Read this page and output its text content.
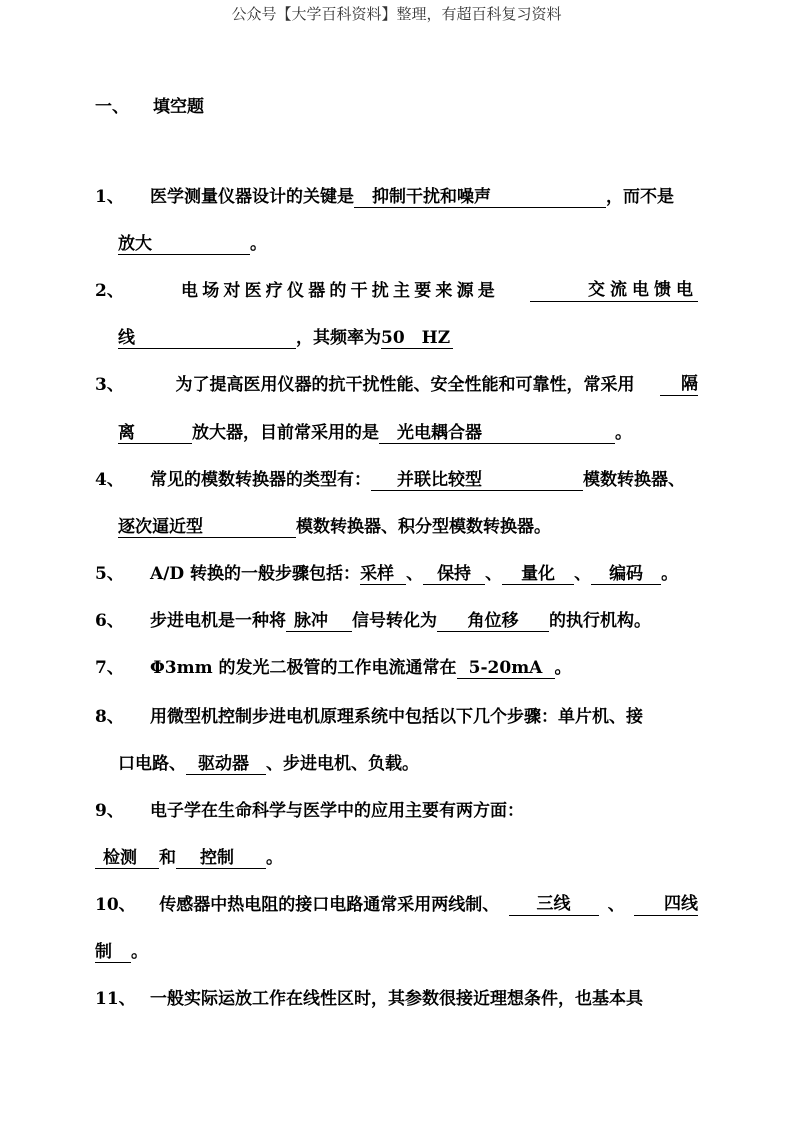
公众号【大学百科资料】整理，有超百科复习资料
一、 填空题
1、 医学测量仪器设计的关键是 抑制干扰和噪声	，而不是
放大	。
2、	电场对医疗仪器的干扰主要来源是	交流电馈电
线	，其频率为50　HZ
3、	为了提高医用仪器的抗干扰性能、安全性能和可靠性，常采用	隔
离	放大器，目前常采用的是 光电耦合器	。
4、 常见的模数转换器的类型有： 并联比较型	模数转换器、
逐次逼近型	模数转换器、积分型模数转换器。
5、 A/D 转换的一般步骤包括：采样 、 保持 、 量化 、 编码 。
6、 步进电机是一种将 脉冲 信号转化为 角位移 的执行机构。
7、 Φ3mm 的发光二极管的工作电流通常在 5-20mA 。
8、 用微型机控制步进电机原理系统中包括以下几个步骤：单片机、接
口电路、 驱动器 、步进电机、负载。
9、 电子学在生命科学与医学中的应用主要有两方面：
检测 和 控制 。
10、	传感器中热电阻的接口电路通常采用两线制、	三线	、	四线
制 。
11、 一般实际运放工作在线性区时，其参数很接近理想条件，也基本具
